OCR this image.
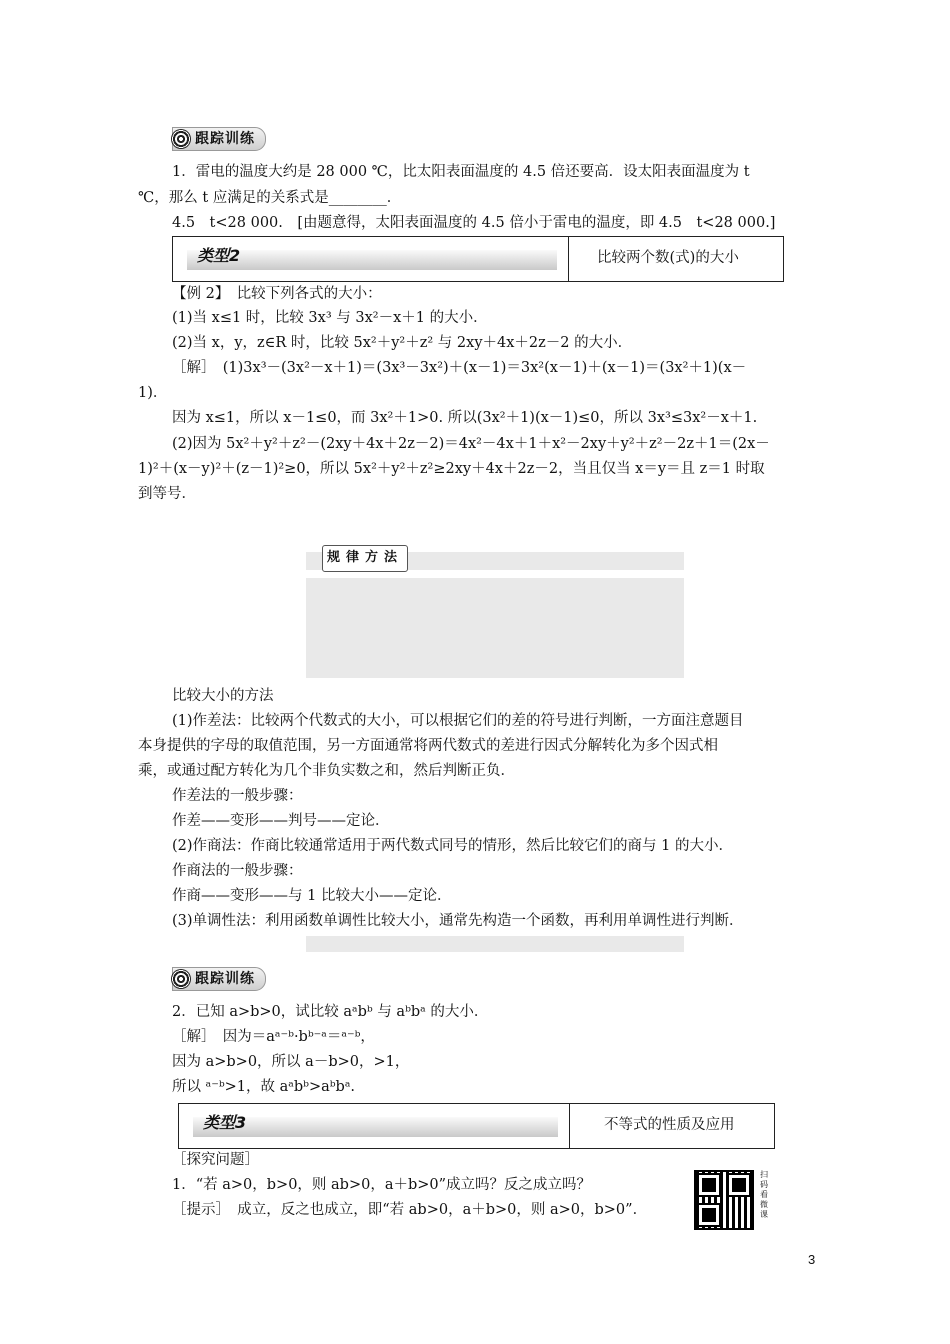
跟踪训练
1．雷电的温度大约是 28 000 ℃，比太阳表面温度的 4.5 倍还要高．设太阳表面温度为 t
℃，那么 t 应满足的关系式是________．
4.5　t<28 000.　[由题意得，太阳表面温度的 4.5 倍小于雷电的温度，即 4.5　t<28 000.]
类型2	比较两个数(式)的大小
【例 2】　比较下列各式的大小：
(1)当 x≤1 时，比较 3x³ 与 3x²－x＋1 的大小．
(2)当 x，y，z∈R 时，比较 5x²＋y²＋z² 与 2xy＋4x＋2z－2 的大小．
［解］　(1)3x³－(3x²－x＋1)＝(3x³－3x²)＋(x－1)＝3x²(x－1)＋(x－1)＝(3x²＋1)(x－
1)．
因为 x≤1，所以 x－1≤0，而 3x²＋1>0. 所以(3x²＋1)(x－1)≤0，所以 3x³≤3x²－x＋1.
(2)因为 5x²＋y²＋z²－(2xy＋4x＋2z－2)＝4x²－4x＋1＋x²－2xy＋y²＋z²－2z＋1＝(2x－
1)²＋(x－y)²＋(z－1)²≥0，所以 5x²＋y²＋z²≥2xy＋4x＋2z－2，当且仅当 x＝y＝且 z＝1 时取
到等号．
规律方法
比较大小的方法
(1)作差法：比较两个代数式的大小，可以根据它们的差的符号进行判断，一方面注意题目
本身提供的字母的取值范围，另一方面通常将两代数式的差进行因式分解转化为多个因式相
乘，或通过配方转化为几个非负实数之和，然后判断正负．
作差法的一般步骤：
作差——变形——判号——定论．
(2)作商法：作商比较通常适用于两代数式同号的情形，然后比较它们的商与 1 的大小．
作商法的一般步骤：
作商——变形——与 1 比较大小——定论．
(3)单调性法：利用函数单调性比较大小，通常先构造一个函数，再利用单调性进行判断．
跟踪训练
2．已知 a>b>0，试比较 aᵃbᵇ 与 aᵇbᵃ 的大小．
［解］　因为＝aᵃ⁻ᵇ·bᵇ⁻ᵃ＝ᵃ⁻ᵇ，
因为 a>b>0，所以 a－b>0，>1，
所以 ᵃ⁻ᵇ>1，故 aᵃbᵇ>aᵇbᵃ.
类型3	不等式的性质及应用
［探究问题］
1．“若 a>0，b>0，则 ab>0，a＋b>0”成立吗？反之成立吗？
［提示］　成立，反之也成立，即“若 ab>0，a＋b>0，则 a>0，b>0”．
扫码看微课
3
